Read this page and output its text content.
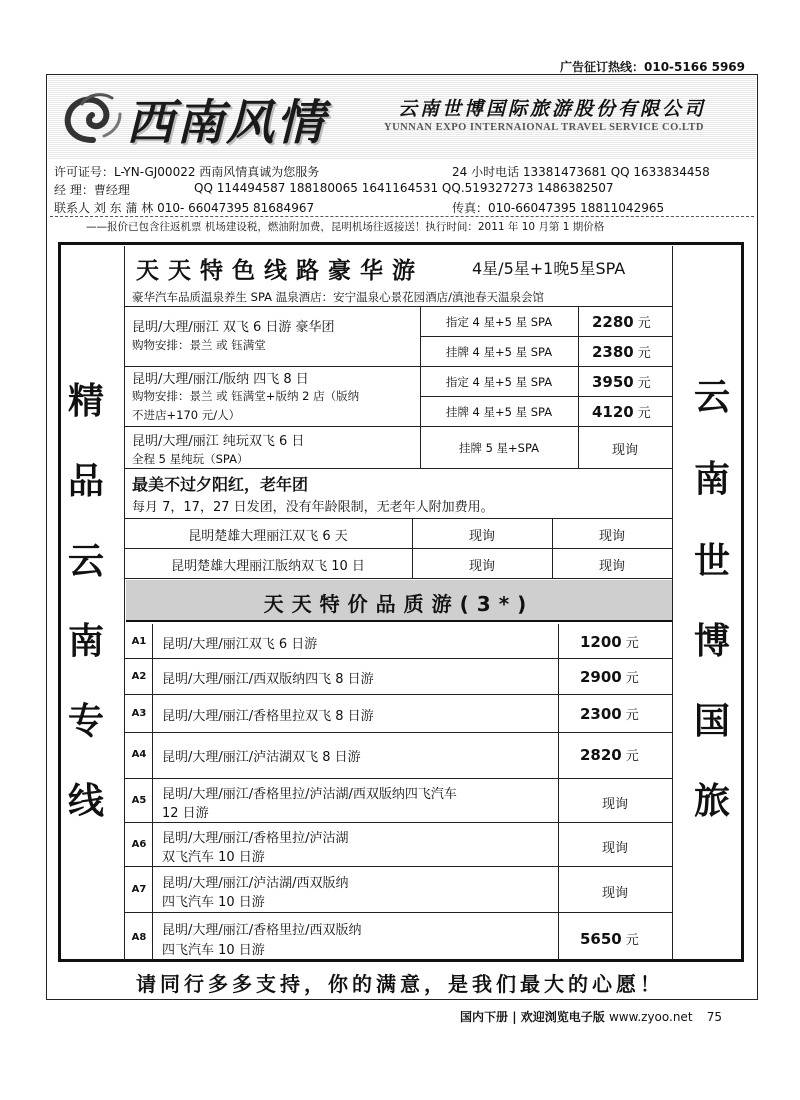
广告征订热线：010-5166 5969
西南风情	云南世博国际旅游股份有限公司
YUNNAN EXPO INTERNAIONAL TRAVEL SERVICE CO.LTD
许可证号：L-YN-GJ00022 西南风情真诚为您服务	24 小时电话 13381473681 QQ 1633834458
经 理：曹经理	QQ 114494587 188180065 1641164531 QQ.519327273 1486382507
联系人 刘 东 蒲 林 010- 66047395 81684967	传真：010-66047395 18811042965
——报价已包含往返机票 机场建设税，燃油附加费，昆明机场往返接送！执行时间：2011 年 10 月第 1 期价格
精
品
云
南
专
线
云
南
世
博
国
旅
天天特色线路豪华游	4星/5星+1晚5星SPA
豪华汽车品质温泉养生 SPA 温泉酒店：安宁温泉心景花园酒店/滇池春天温泉会馆
昆明/大理/丽江 双飞 6 日游 豪华团
购物安排：景兰 或 钰满堂
指定 4 星+5 星 SPA	2280 元
挂牌 4 星+5 星 SPA	2380 元
昆明/大理/丽江/版纳 四飞 8 日
购物安排：景兰 或 钰满堂+版纳 2 店（版纳
不进店+170 元/人）
指定 4 星+5 星 SPA	3950 元
挂牌 4 星+5 星 SPA	4120 元
昆明/大理/丽江 纯玩双飞 6 日
全程 5 星纯玩（SPA）
挂牌 5 星+SPA	现询
最美不过夕阳红，老年团
每月 7，17，27 日发团，没有年龄限制，无老年人附加费用。
昆明楚雄大理丽江双飞 6 天	现询	现询
昆明楚雄大理丽江版纳双飞 10 日	现询	现询
天天特价品质游(3*)
A1	昆明/大理/丽江双飞 6 日游	1200 元
A2	昆明/大理/丽江/西双版纳四飞 8 日游	2900 元
A3	昆明/大理/丽江/香格里拉双飞 8 日游	2300 元
A4	昆明/大理/丽江/泸沽湖双飞 8 日游	2820 元
A5	昆明/大理/丽江/香格里拉/泸沽湖/西双版纳四飞汽车
12 日游
现询
A6	昆明/大理/丽江/香格里拉/泸沽湖
双飞汽车 10 日游
现询
A7	昆明/大理/丽江/泸沽湖/西双版纳
四飞汽车 10 日游
现询
A8	昆明/大理/丽江/香格里拉/西双版纳
四飞汽车 10 日游
5650 元
请同行多多支持，你的满意，是我们最大的心愿！
国内下册 | 欢迎浏览电子版 www.zyoo.net 75
